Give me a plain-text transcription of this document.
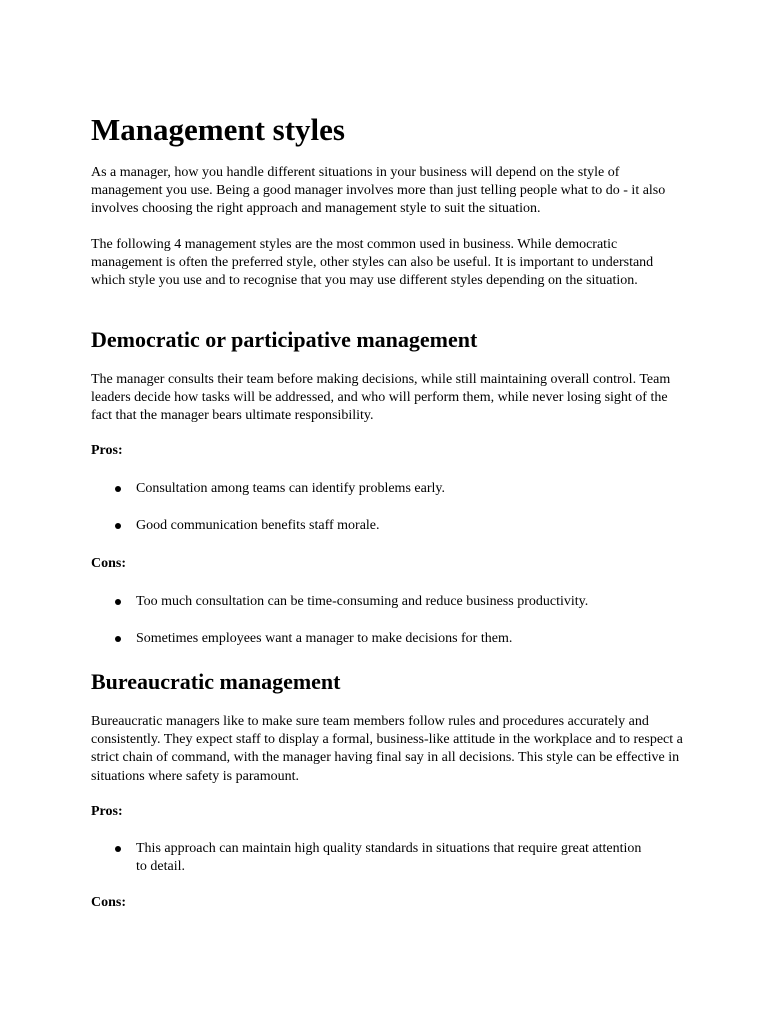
Management styles

As a manager, how you handle different situations in your business will depend on the style of management you use. Being a good manager involves more than just telling people what to do - it also involves choosing the right approach and management style to suit the situation.

The following 4 management styles are the most common used in business. While democratic management is often the preferred style, other styles can also be useful. It is important to understand which style you use and to recognise that you may use different styles depending on the situation.

Democratic or participative management

The manager consults their team before making decisions, while still maintaining overall control. Team leaders decide how tasks will be addressed, and who will perform them, while never losing sight of the fact that the manager bears ultimate responsibility.

Pros:

Consultation among teams can identify problems early.
Good communication benefits staff morale.

Cons:

Too much consultation can be time-consuming and reduce business productivity.
Sometimes employees want a manager to make decisions for them.
Bureaucratic management

Bureaucratic managers like to make sure team members follow rules and procedures accurately and consistently. They expect staff to display a formal, business-like attitude in the workplace and to respect a strict chain of command, with the manager having final say in all decisions. This style can be effective in situations where safety is paramount.

Pros:

This approach can maintain high quality standards in situations that require great attention to detail.

Cons:
